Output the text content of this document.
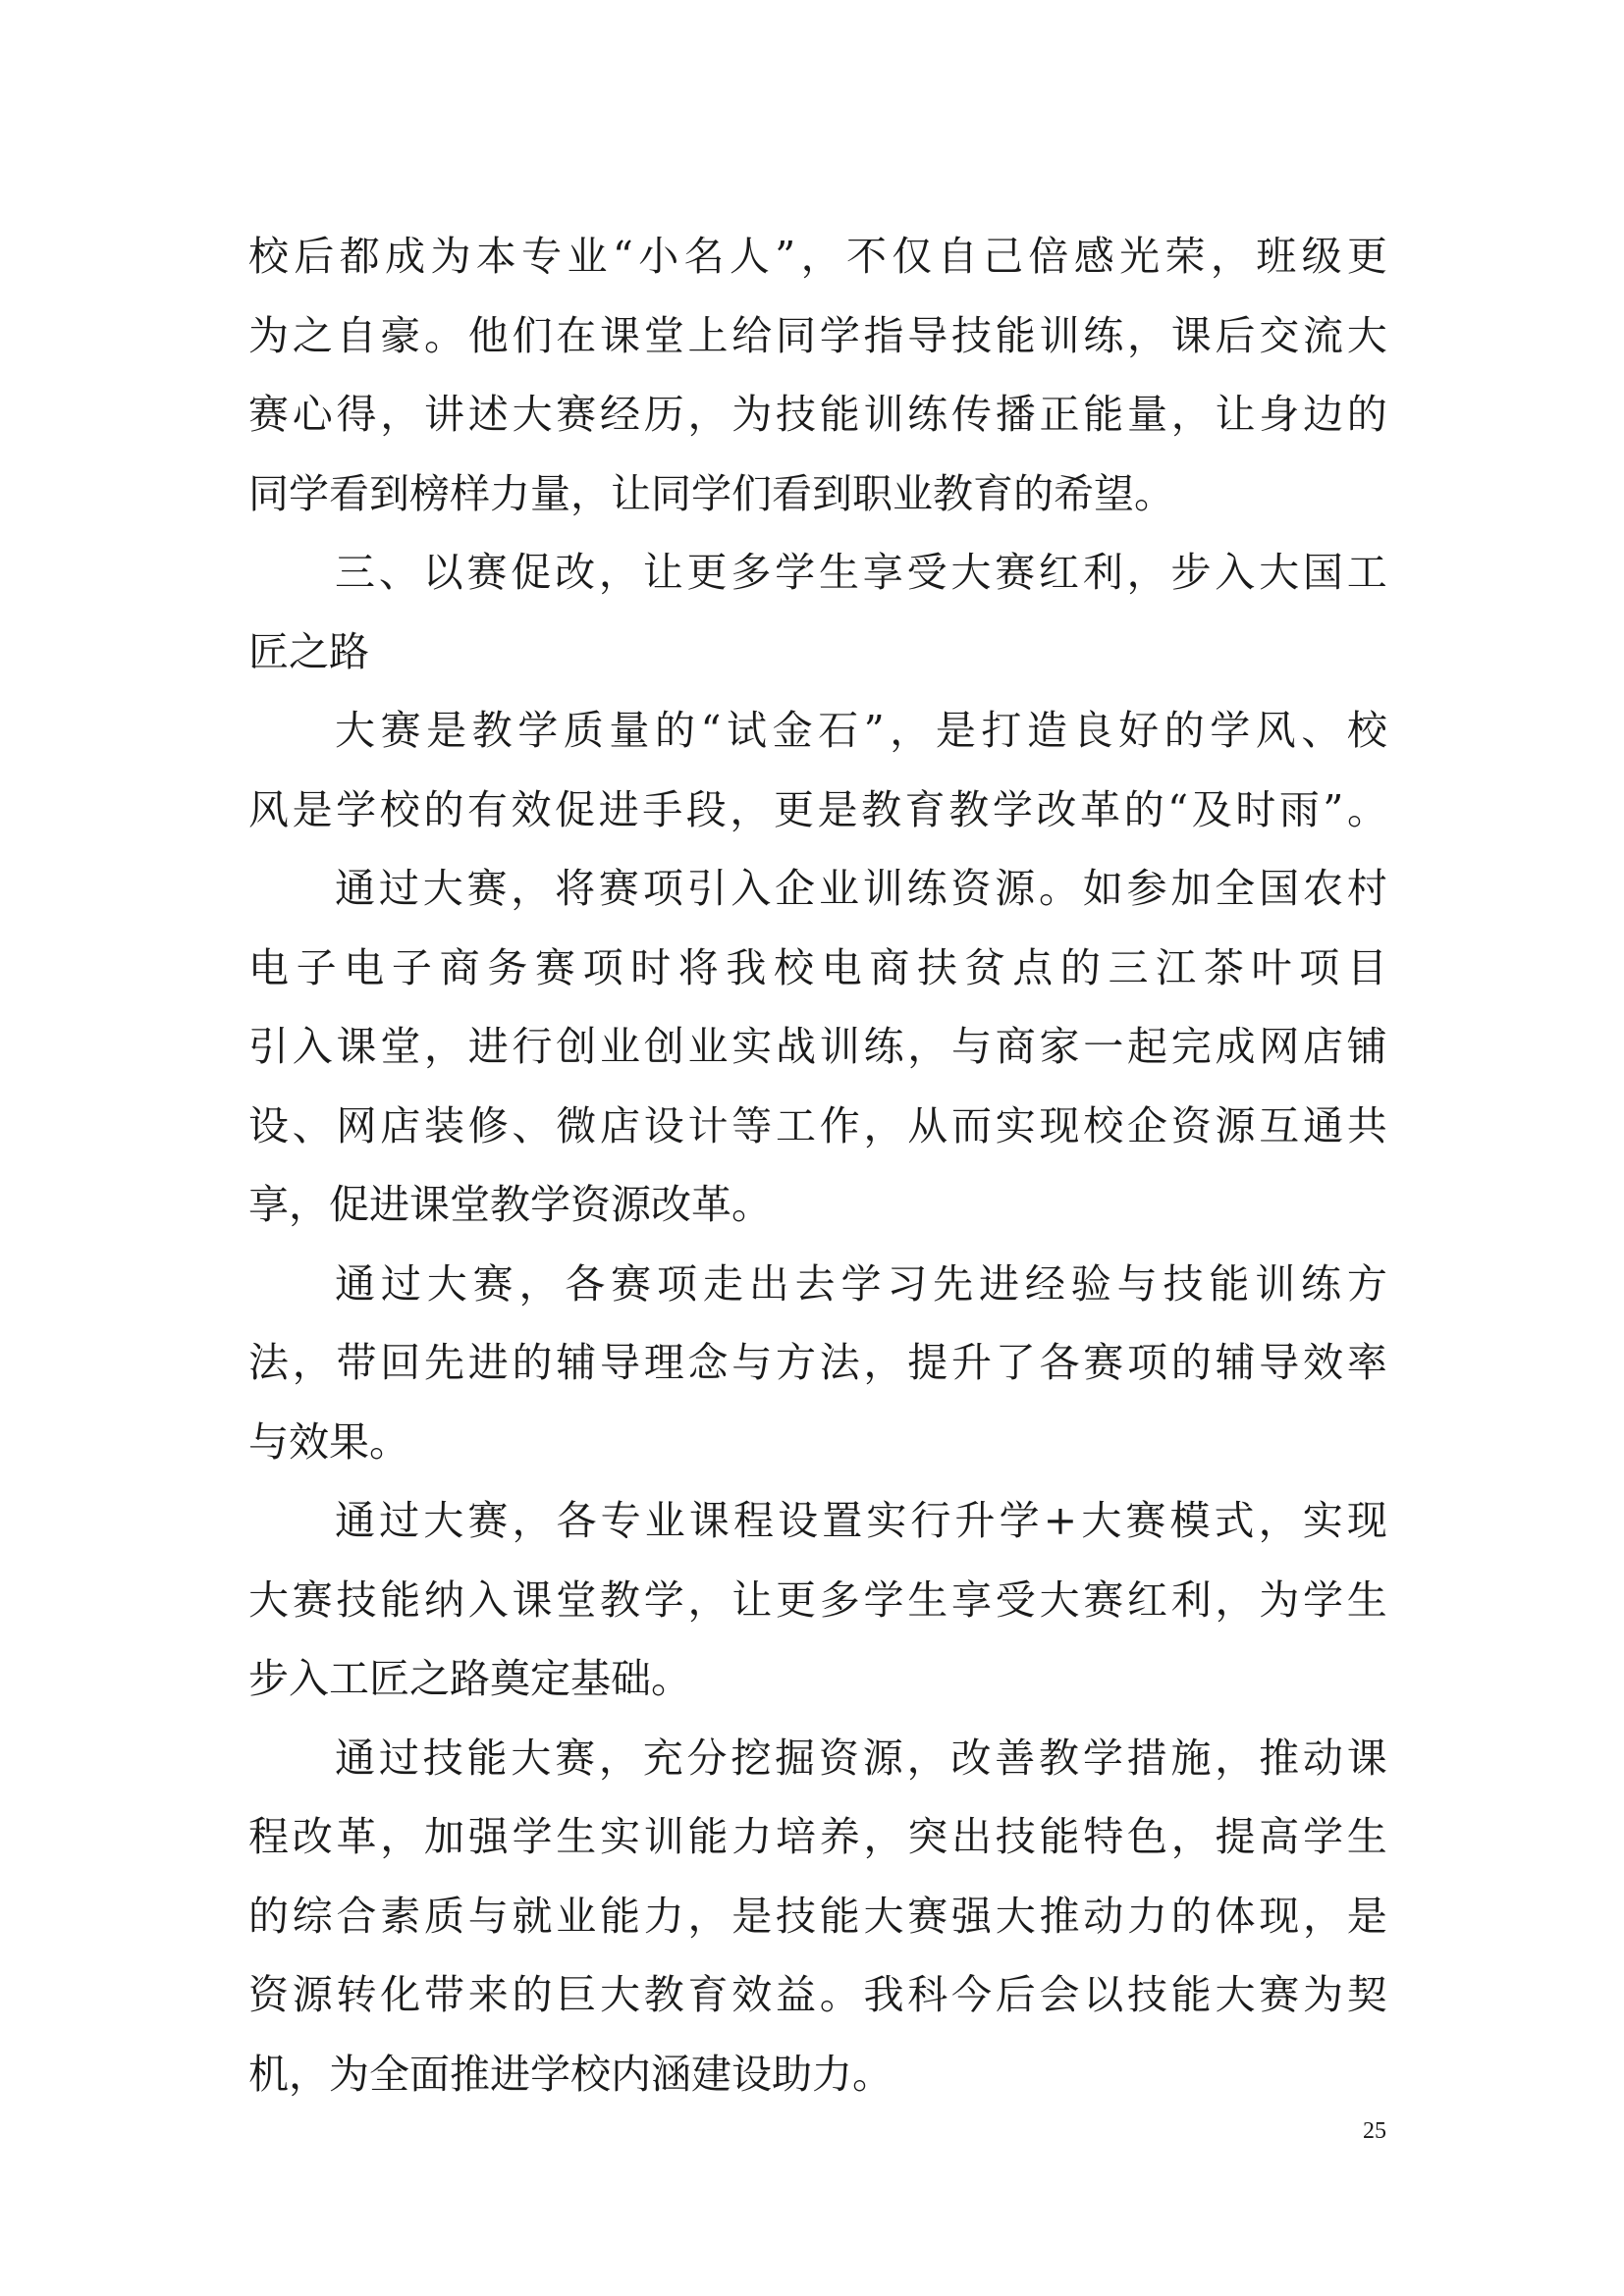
校 后 都 成 为 本 专 业 “ 小 名 人 ” ， 不 仅 自 己 倍 感 光 荣 ， 班 级 更
为 之 自 豪 。 他 们 在 课 堂 上 给 同 学 指 导 技 能 训 练 ， 课 后 交 流 大
赛 心 得 ， 讲 述 大 赛 经 历 ， 为 技 能 训 练 传 播 正 能 量 ， 让 身 边 的
同学看到榜样力量，让同学们看到职业教育的希望。
三 、 以 赛 促 改 ， 让 更 多 学 生 享 受 大 赛 红 利 ， 步 入 大 国 工
匠之路
大 赛 是 教 学 质 量 的 “ 试 金 石 ” ， 是 打 造 良 好 的 学 风 、 校
风 是 学 校 的 有 效 促 进 手 段 ， 更 是 教 育 教 学 改 革 的 “ 及 时 雨 ” 。
通 过 大 赛 ， 将 赛 项 引 入 企 业 训 练 资 源 。 如 参 加 全 国 农 村
电 子 电 子 商 务 赛 项 时 将 我 校 电 商 扶 贫 点 的 三 江 茶 叶 项 目
引 入 课 堂 ， 进 行 创 业 创 业 实 战 训 练 ， 与 商 家 一 起 完 成 网 店 铺
设 、 网 店 装 修 、 微 店 设 计 等 工 作 ， 从 而 实 现 校 企 资 源 互 通 共
享，促进课堂教学资源改革。
通 过 大 赛 ， 各 赛 项 走 出 去 学 习 先 进 经 验 与 技 能 训 练 方
法 ， 带 回 先 进 的 辅 导 理 念 与 方 法 ， 提 升 了 各 赛 项 的 辅 导 效 率
与效果。
通 过 大 赛 ， 各 专 业 课 程 设 置 实 行 升 学 + 大 赛 模 式 ， 实 现
大 赛 技 能 纳 入 课 堂 教 学 ， 让 更 多 学 生 享 受 大 赛 红 利 ， 为 学 生
步入工匠之路奠定基础。
通 过 技 能 大 赛 ， 充 分 挖 掘 资 源 ， 改 善 教 学 措 施 ， 推 动 课
程 改 革 ， 加 强 学 生 实 训 能 力 培 养 ， 突 出 技 能 特 色 ， 提 高 学 生
的 综 合 素 质 与 就 业 能 力 ， 是 技 能 大 赛 强 大 推 动 力 的 体 现 ， 是
资 源 转 化 带 来 的 巨 大 教 育 效 益 。 我 科 今 后 会 以 技 能 大 赛 为 契
机，为全面推进学校内涵建设助力。
25
